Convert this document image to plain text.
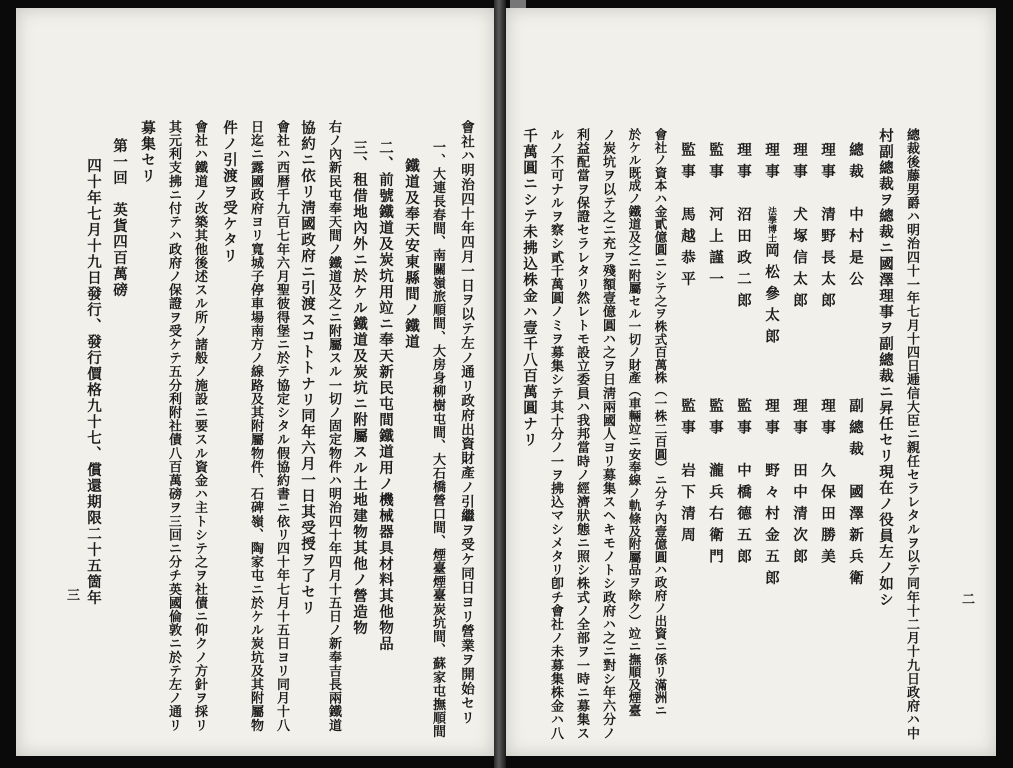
會社ハ明治四十年四月一日ヲ以テ左ノ通リ政府出資財產ノ引繼ヲ受ケ同日ヨリ營業ヲ開始セリ
一、大連長春間、南關嶺旅順間、大房身柳樹屯間、大石橋營口間、煙臺煙臺炭坑間、蘇家屯撫順間
鐵道及奉天安東縣間ノ鐵道
二、前號鐵道及炭坑用竝ニ奉天新民屯間鐵道用ノ機械器具材料其他物品
三、租借地內外ニ於ケル鐵道及炭坑ニ附屬スル土地建物其他ノ營造物
右ノ內新民屯奉天間ノ鐵道及之ニ附屬スル一切ノ固定物件ハ明治四十年四月十五日ノ新奉吉長兩鐵道
協約ニ依リ淸國政府ニ引渡スコトトナリ同年六月一日其受授ヲ了セリ
會社ハ西暦千九百七年六月聖彼得堡ニ於テ協定シタル假協約書ニ依リ四十年七月十五日ヨリ同月十八
日迄ニ露國政府ヨリ寬城子停車場南方ノ線路及其附屬物件、石碑嶺、陶家屯ニ於ケル炭坑及其附屬物
件ノ引渡ヲ受ケタリ
會社ハ鐵道ノ改築其他後述スル所ノ諸般ノ施設ニ要スル資金ハ主トシテ之ヲ社債ニ仰クノ方針ヲ採リ
其元利支拂ニ付テハ政府ノ保證ヲ受ケテ五分利附社債八百萬磅ヲ三回ニ分チ英國倫敦ニ於テ左ノ通リ
募集セリ
第一回　英貨四百萬磅
四十年七月十九日發行、發行價格九十七、償還期限二十五箇年
三	二
總裁後藤男爵ハ明治四十一年七月十四日逓信大臣ニ親任セラレタルヲ以テ同年十二月十九日政府ハ中
村副總裁ヲ總裁ニ國澤理事ヲ副總裁ニ昇任セリ現在ノ役員左ノ如シ
總裁　中村是公
副總裁　國澤新兵衛
理事　清野長太郎
理事　久保田勝美
理事　犬塚信太郎
理事　田中清次郎
理事　法學博士岡松參太郎
理事　野々村金五郎
理事　沼田政二郎
監事　中橋德五郎
監事　河上謹一
監事　瀧兵右衛門
監事　馬越恭平
監事　岩下清周
會社ノ資本ハ金貳億圓ニシテ之ヲ株式百萬株（一株二百圓）ニ分チ內壹億圓ハ政府ノ出資ニ係リ滿洲ニ
於ケル既成ノ鐵道及之ニ附屬セル一切ノ財產（車輛竝ニ安奉線ノ軌條及附屬品ヲ除ク）竝ニ撫順及煙臺
ノ炭坑ヲ以テ之ニ充ヲ殘額壹億圓ハ之ヲ日淸兩國人ヨリ募集スヘキモノトシ政府ハ之ニ對シ年六分ノ
利益配當ヲ保證セラレタリ然レトモ設立委員ハ我邦當時ノ經濟狀態ニ照シ株式ノ全部ヲ一時ニ募集ス
ルノ不可ナルヲ察シ貳千萬圓ノミヲ募集シテ其十分ノ一ヲ拂込マシメタリ卽チ會社ノ未募集株金ハ八
千萬圓ニシテ未拂込株金ハ壹千八百萬圓ナリ
